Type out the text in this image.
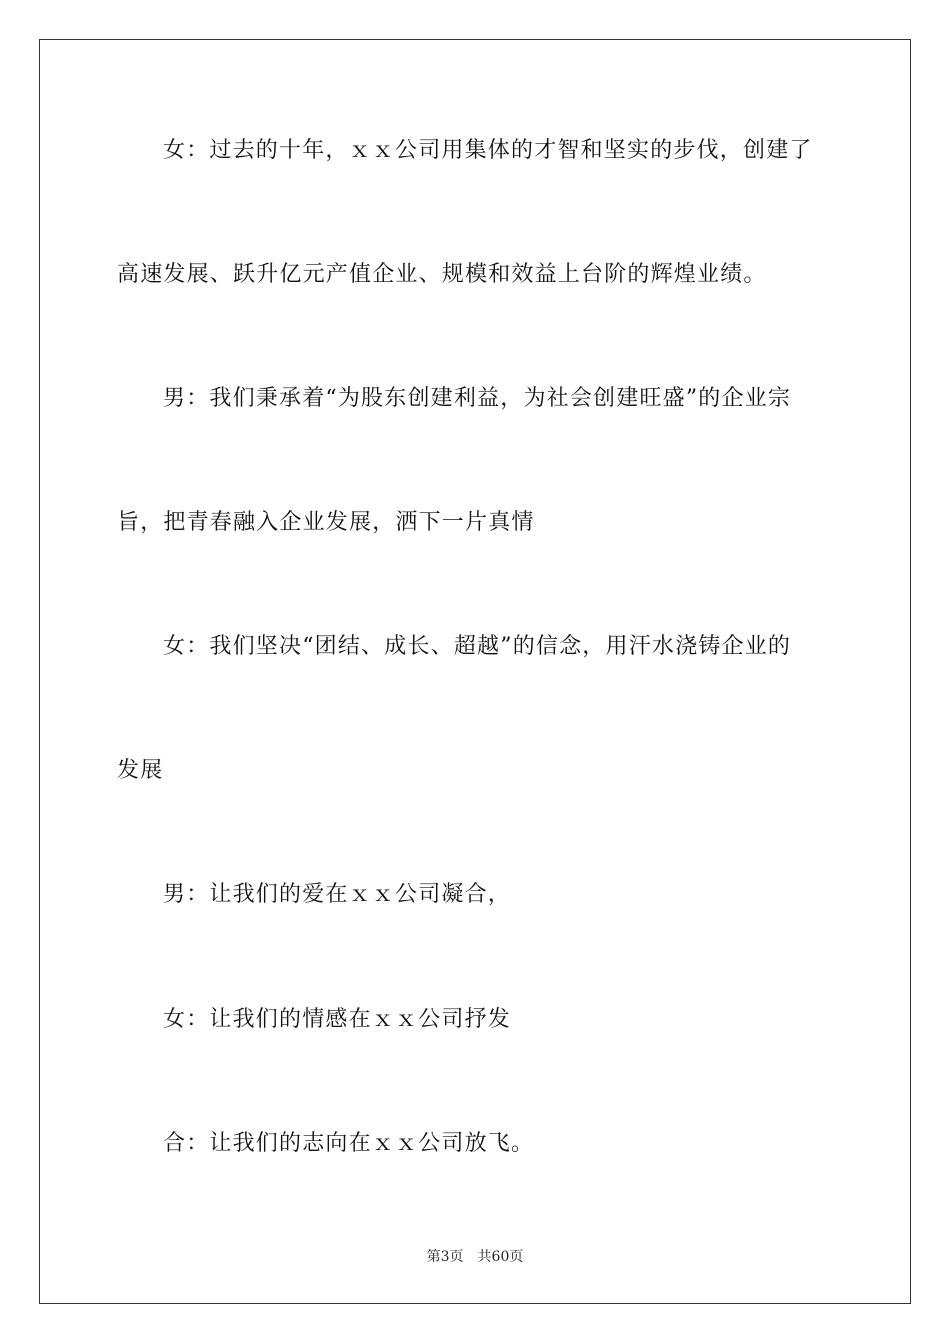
女：过去的十年，ｘｘ公司用集体的才智和坚实的步伐，创建了
高速发展、跃升亿元产值企业、规模和效益上台阶的辉煌业绩。
男：我们秉承着“为股东创建利益，为社会创建旺盛”的企业宗
旨，把青春融入企业发展，洒下一片真情
女：我们坚决“团结、成长、超越”的信念，用汗水浇铸企业的
发展
男：让我们的爱在ｘｘ公司凝合，
女：让我们的情感在ｘｘ公司抒发
合：让我们的志向在ｘｘ公司放飞。
第3页 共60页
